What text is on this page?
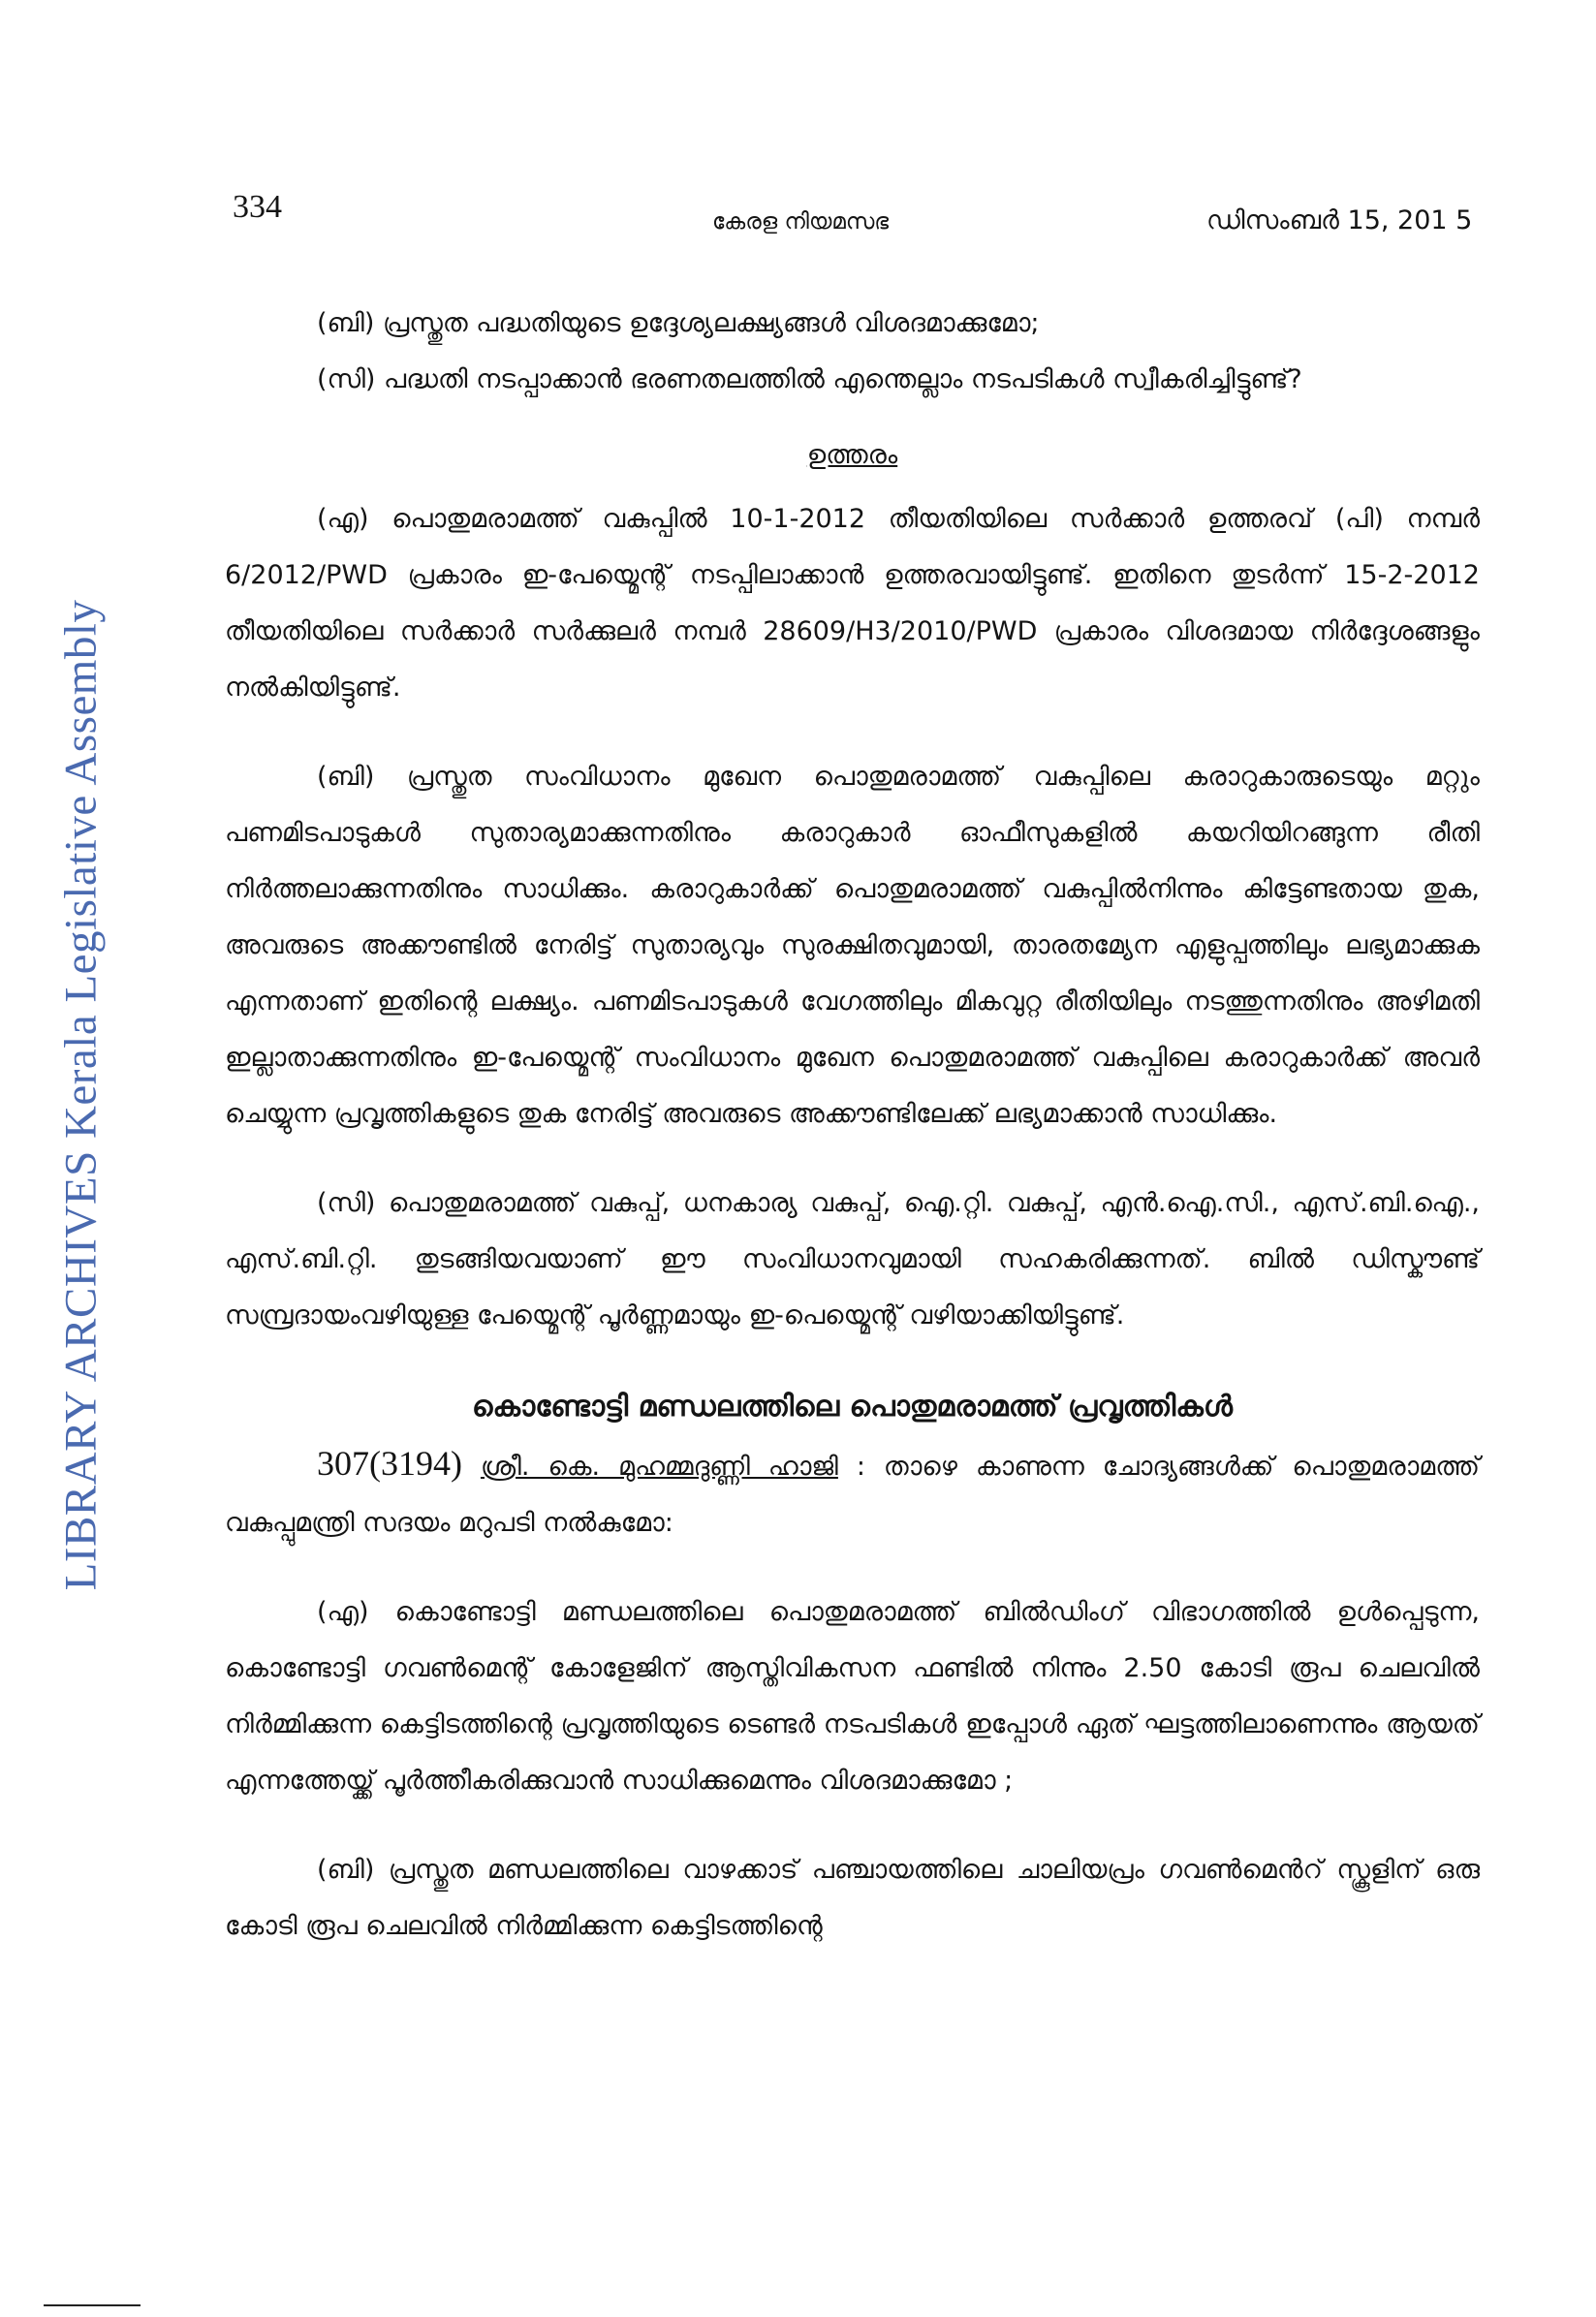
LIBRARY ARCHIVES Kerala Legislative Assembly
334	കേരള നിയമസഭ	ഡിസംബർ 15, 201 5

(ബി) പ്രസ്തുത പദ്ധതിയുടെ ഉദ്ദേശ്യലക്ഷ്യങ്ങൾ വിശദമാക്കുമോ;

(സി) പദ്ധതി നടപ്പാക്കാൻ ഭരണതലത്തിൽ എന്തെല്ലാം നടപടികൾ സ്വീകരിച്ചിട്ടുണ്ട്?

ഉത്തരം

(എ) പൊതുമരാമത്ത് വകുപ്പിൽ 10-1-2012 തീയതിയിലെ സർക്കാർ ഉത്തരവ് (പി) നമ്പർ 6/2012/PWD പ്രകാരം ഇ-പേയ്മെന്റ് നടപ്പിലാക്കാൻ ഉത്തരവായിട്ടുണ്ട്. ഇതിനെ തുടർന്ന് 15-2-2012 തീയതിയിലെ സർക്കാർ സർക്കുലർ നമ്പർ 28609/H3/2010/PWD പ്രകാരം വിശദമായ നിർദ്ദേശങ്ങളും നൽകിയിട്ടുണ്ട്.

(ബി) പ്രസ്തുത സംവിധാനം മുഖേന പൊതുമരാമത്ത് വകുപ്പിലെ കരാറുകാരുടെയും മറ്റും പണമിടപാടുകൾ സുതാര്യമാക്കുന്നതിനും കരാറുകാർ ഓഫീസുകളിൽ കയറിയിറങ്ങുന്ന രീതി നിർത്തലാക്കുന്നതിനും സാധിക്കും. കരാറുകാർക്ക് പൊതുമരാമത്ത് വകുപ്പിൽനിന്നും കിട്ടേണ്ടതായ തുക, അവരുടെ അക്കൗണ്ടിൽ നേരിട്ട് സുതാര്യവും സുരക്ഷിതവുമായി, താരതമ്യേന എളുപ്പത്തിലും ലഭ്യമാക്കുക എന്നതാണ് ഇതിന്റെ ലക്ഷ്യം. പണമിടപാടുകൾ വേഗത്തിലും മികവുറ്റ രീതിയിലും നടത്തുന്നതിനും അഴിമതി ഇല്ലാതാക്കുന്നതിനും ഇ-പേയ്മെന്റ് സംവിധാനം മുഖേന പൊതുമരാമത്ത് വകുപ്പിലെ കരാറുകാർക്ക് അവർ ചെയ്യുന്ന പ്രവൃത്തികളുടെ തുക നേരിട്ട് അവരുടെ അക്കൗണ്ടിലേക്ക് ലഭ്യമാക്കാൻ സാധിക്കും.

(സി) പൊതുമരാമത്ത് വകുപ്പ്, ധനകാര്യ വകുപ്പ്, ഐ.റ്റി. വകുപ്പ്, എൻ.ഐ.സി., എസ്.ബി.ഐ., എസ്.ബി.റ്റി. തുടങ്ങിയവയാണ് ഈ സംവിധാനവുമായി സഹകരിക്കുന്നത്. ബിൽ ഡിസ്കൗണ്ട് സമ്പ്രദായംവഴിയുള്ള പേയ്മെന്റ് പൂർണ്ണമായും ഇ-പെയ്മെന്റ് വഴിയാക്കിയിട്ടുണ്ട്.

കൊണ്ടോട്ടി മണ്ഡലത്തിലെ പൊതുമരാമത്ത് പ്രവൃത്തികൾ

307(3194) ശ്രീ. കെ. മുഹമ്മദുണ്ണി ഹാജി : താഴെ കാണുന്ന ചോദ്യങ്ങൾക്ക് പൊതുമരാമത്ത് വകുപ്പുമന്ത്രി സദയം മറുപടി നൽകുമോ:

(എ) കൊണ്ടോട്ടി മണ്ഡലത്തിലെ പൊതുമരാമത്ത് ബിൽഡിംഗ് വിഭാഗത്തിൽ ഉൾപ്പെടുന്ന, കൊണ്ടോട്ടി ഗവൺമെന്റ് കോളേജിന് ആസ്തിവികസന ഫണ്ടിൽ നിന്നും 2.50 കോടി രൂപ ചെലവിൽ നിർമ്മിക്കുന്ന കെട്ടിടത്തിന്റെ പ്രവൃത്തിയുടെ ടെണ്ടർ നടപടികൾ ഇപ്പോൾ ഏത് ഘട്ടത്തിലാണെന്നും ആയത് എന്നത്തേയ്ക്ക് പൂർത്തീകരിക്കുവാൻ സാധിക്കുമെന്നും വിശദമാക്കുമോ ;

(ബി) പ്രസ്തുത മണ്ഡലത്തിലെ വാഴക്കാട് പഞ്ചായത്തിലെ ചാലിയപ്രം ഗവൺമെൻറ് സ്കൂളിന് ഒരു കോടി രൂപ ചെലവിൽ നിർമ്മിക്കുന്ന കെട്ടിടത്തിന്റെ
